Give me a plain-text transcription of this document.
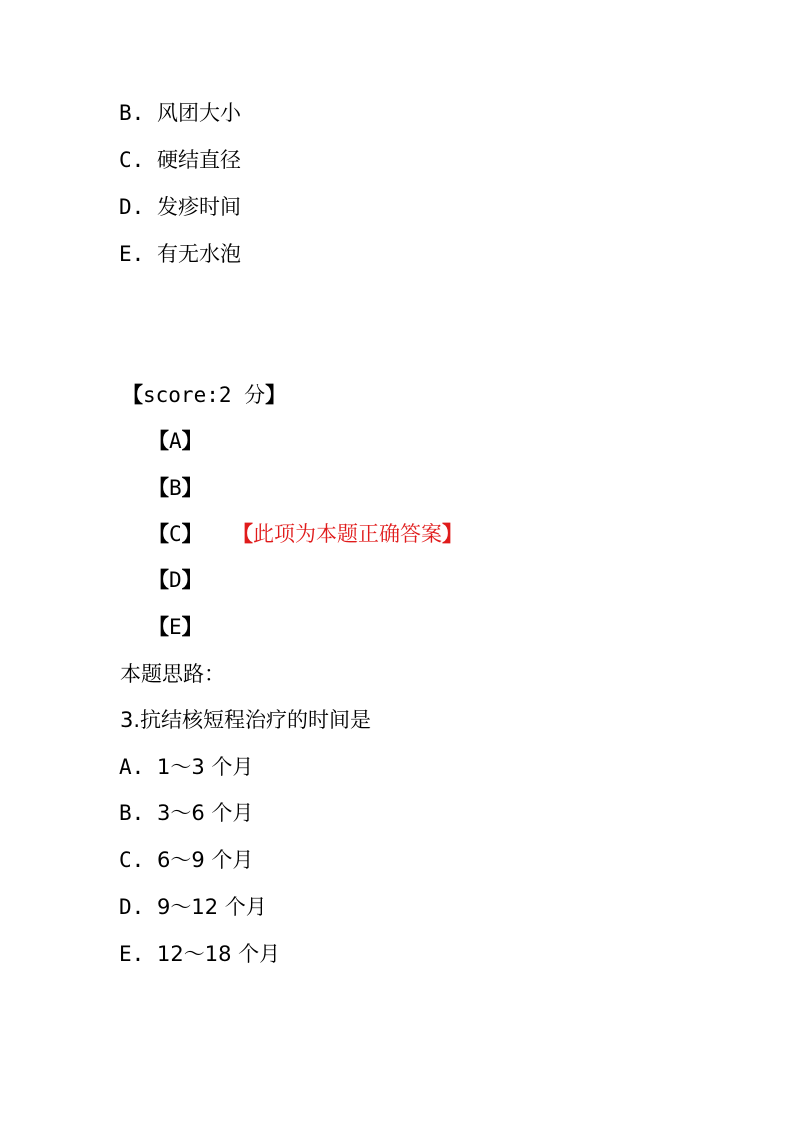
B. 风团大小
C. 硬结直径
D. 发疹时间
E. 有无水泡
【score:2 分】
【A】
【B】
【C】 【此项为本题正确答案】
【D】
【E】
本题思路：
3.抗结核短程治疗的时间是
A. 1～3 个月
B. 3～6 个月
C. 6～9 个月
D. 9～12 个月
E. 12～18 个月
